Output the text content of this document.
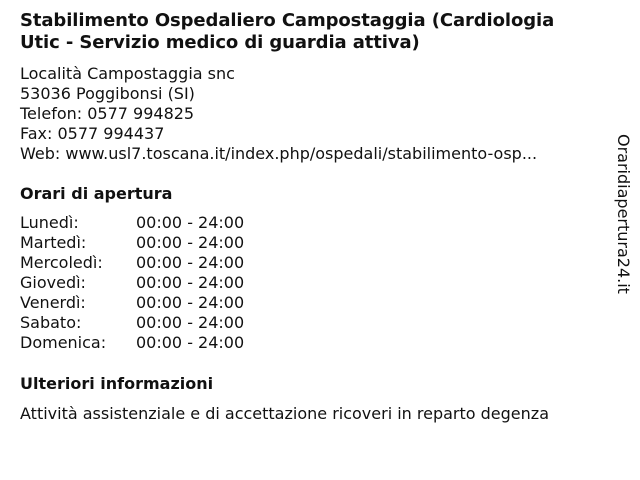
Stabilimento Ospedaliero Campostaggia (Cardiologia
Utic - Servizio medico di guardia attiva)
Località Campostaggia snc
53036 Poggibonsi (SI)
Telefon: 0577 994825
Fax: 0577 994437
Web: www.usl7.toscana.it/index.php/ospedali/stabilimento-osp...
Orari di apertura
Lunedì:	00:00 - 24:00
Martedì:	00:00 - 24:00
Mercoledì:	00:00 - 24:00
Giovedì:	00:00 - 24:00
Venerdì:	00:00 - 24:00
Sabato:	00:00 - 24:00
Domenica:	00:00 - 24:00
Ulteriori informazioni
Attività assistenziale e di accettazione ricoveri in reparto degenza
Oraridiapertura24.it
